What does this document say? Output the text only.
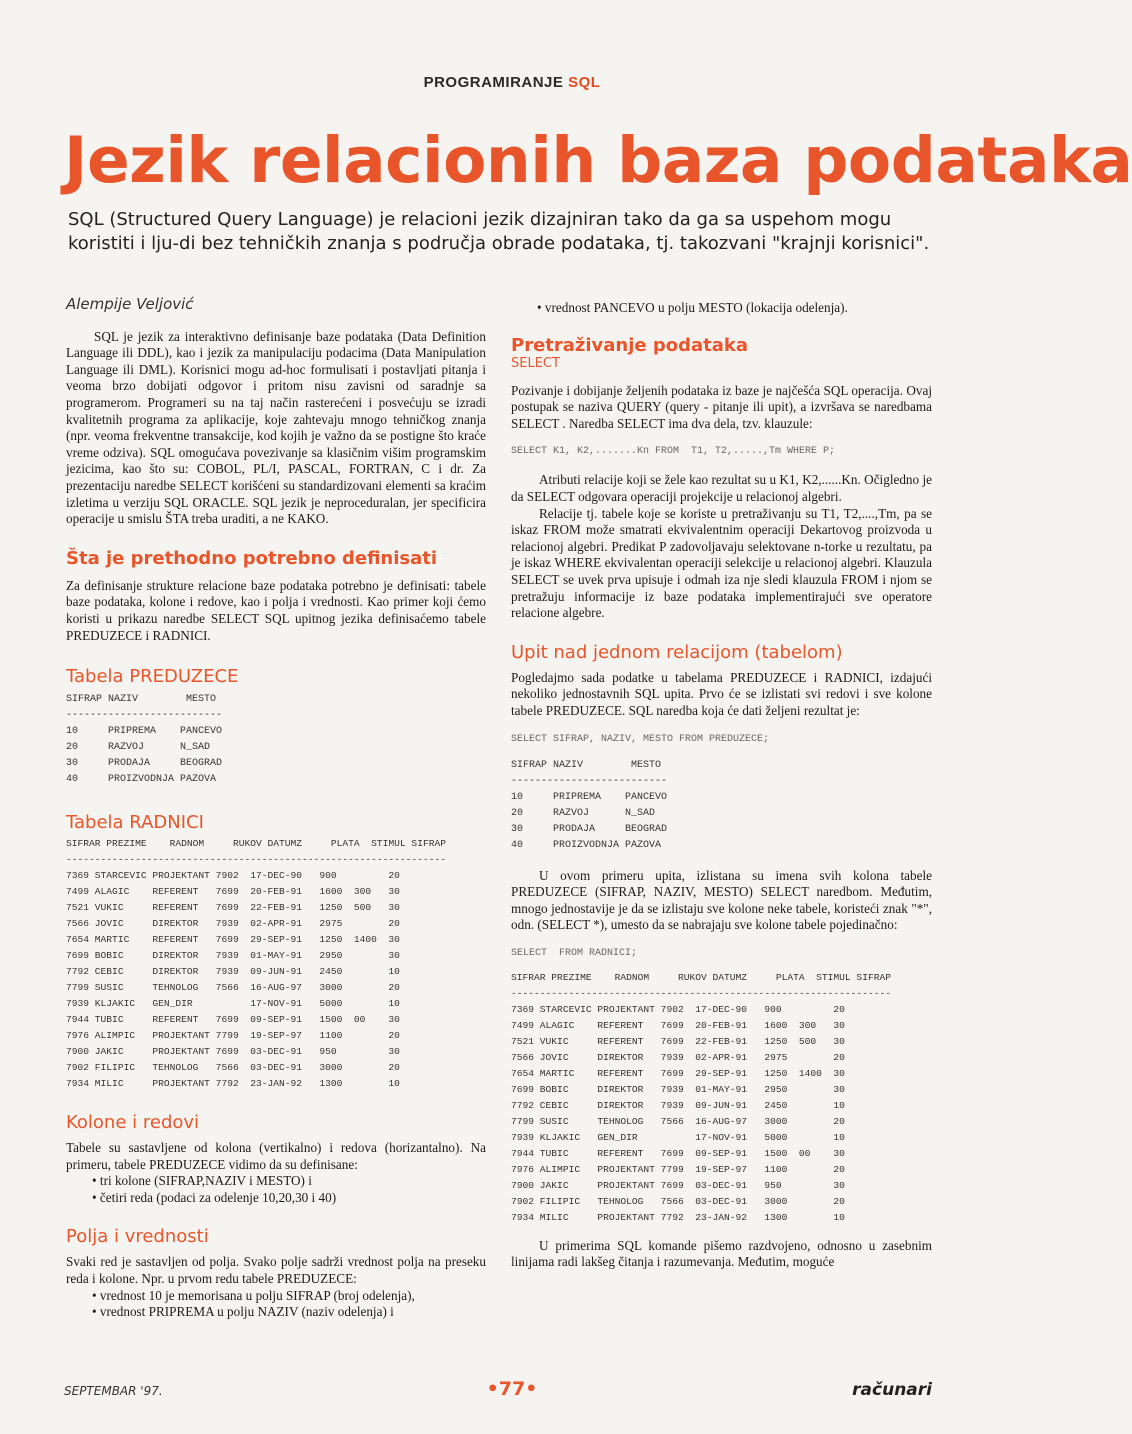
PROGRAMIRANJE SQL
Jezik relacionih baza podataka
SQL (Structured Query Language) je relacioni jezik dizajniran tako da ga sa uspehom mogu koristiti i lju-di bez tehničkih znanja s područja obrade podataka, tj. takozvani "krajnji korisnici".
Alempije Veljović

SQL je jezik za interaktivno definisanje baze podataka (Data Definition Language ili DDL), kao i jezik za manipulaciju podacima (Data Manipulation Language ili DML). Korisnici mogu ad-hoc formulisati i postavljati pitanja i veoma brzo dobijati odgovor i pritom nisu zavisni od saradnje sa programerom. Programeri su na taj način rasterećeni i posvećuju se izradi kvalitetnih programa za aplikacije, koje zahtevaju mnogo tehničkog znanja (npr. veoma frekventne transakcije, kod kojih je važno da se postigne što kraće vreme odziva). SQL omogućava povezivanje sa klasičnim višim programskim jezicima, kao što su: COBOL, PL/I, PASCAL, FORTRAN, C i dr. Za prezentaciju naredbe SELECT korišćeni su standardizovani elementi sa kraćim izletima u verziju SQL ORACLE. SQL jezik je neproceduralan, jer specificira operacije u smislu ŠTA treba uraditi, a ne KAKO.

Šta je prethodno potrebno definisati

Za definisanje strukture relacione baze podataka potrebno je definisati: tabele baze podataka, kolone i redove, kao i polja i vrednosti. Kao primer koji ćemo koristi u prikazu naredbe SELECT SQL upitnog jezika definisaćemo tabele PREDUZECE i RADNICI.

Tabela PREDUZECE
SIFRAP NAZIV        MESTO
--------------------------
10     PRIPREMA    PANCEVO
20     RAZVOJ      N_SAD
30     PRODAJA     BEOGRAD
40     PROIZVODNJA PAZOVA
Tabela RADNICI
SIFRAR PREZIME    RADNOM     RUKOV DATUMZ     PLATA  STIMUL SIFRAP
------------------------------------------------------------------
7369 STARCEVIC PROJEKTANT 7902  17-DEC-90   900         20
7499 ALAGIC    REFERENT   7699  20-FEB-91   1600  300   30
7521 VUKIC     REFERENT   7699  22-FEB-91   1250  500   30
7566 JOVIC     DIREKTOR   7939  02-APR-91   2975        20
7654 MARTIC    REFERENT   7699  29-SEP-91   1250  1400  30
7699 BOBIC     DIREKTOR   7939  01-MAY-91   2950        30
7792 CEBIC     DIREKTOR   7939  09-JUN-91   2450        10
7799 SUSIC     TEHNOLOG   7566  16-AUG-97   3000        20
7939 KLJAKIC   GEN_DIR          17-NOV-91   5000        10
7944 TUBIC     REFERENT   7699  09-SEP-91   1500  00    30
7976 ALIMPIC   PROJEKTANT 7799  19-SEP-97   1100        20
7900 JAKIC     PROJEKTANT 7699  03-DEC-91   950         30
7902 FILIPIC   TEHNOLOG   7566  03-DEC-91   3000        20
7934 MILIC     PROJEKTANT 7792  23-JAN-92   1300        10
Kolone i redovi

Tabele su sastavljene od kolona (vertikalno) i redova (horizantalno). Na primeru, tabele PREDUZECE vidimo da su definisane:

• tri kolone (SIFRAP,NAZIV i MESTO) i
• četiri reda (podaci za odelenje 10,20,30 i 40)
Polja i vrednosti

Svaki red je sastavljen od polja. Svako polje sadrži vrednost polja na preseku reda i kolone. Npr. u prvom redu tabele PREDUZECE:

• vrednost 10 je memorisana u polju SIFRAP (broj odelenja),
• vrednost PRIPREMA u polju NAZIV (naziv odelenja) i
• vrednost PANCEVO u polju MESTO (lokacija odelenja).
Pretraživanje podataka
SELECT

Pozivanje i dobijanje željenih podataka iz baze je najčešća SQL operacija. Ovaj postupak se naziva QUERY (query - pitanje ili upit), a izvršava se naredbama SELECT . Naredba SELECT ima dva dela, tzv. klauzule:

SELECT K1, K2,.......Kn FROM  T1, T2,.....,Tm WHERE P;

Atributi relacije koji se žele kao rezultat su u K1, K2,......Kn. Očigledno je da SELECT odgovara operaciji projekcije u relacionoj algebri.

Relacije tj. tabele koje se koriste u pretraživanju su T1, T2,....,Tm, pa se iskaz FROM može smatrati ekvivalentnim operaciji Dekartovog proizvoda u relacionoj algebri. Predikat P zadovoljavaju selektovane n-torke u rezultatu, pa je iskaz WHERE ekvivalentan operaciji selekcije u relacionoj algebri. Klauzula SELECT se uvek prva upisuje i odmah iza nje sledi klauzula FROM i njom se pretražuju informacije iz baze podataka implementirajući sve operatore relacione algebre.

Upit nad jednom relacijom (tabelom)

Pogledajmo sada podatke u tabelama PREDUZECE i RADNICI, izdajući nekoliko jednostavnih SQL upita. Prvo će se izlistati svi redovi i sve kolone tabele PREDUZECE. SQL naredba koja će dati željeni rezultat je:

SELECT SIFRAP, NAZIV, MESTO FROM PREDUZECE;
SIFRAP NAZIV        MESTO
--------------------------
10     PRIPREMA    PANCEVO
20     RAZVOJ      N_SAD
30     PRODAJA     BEOGRAD
40     PROIZVODNJA PAZOVA

U ovom primeru upita, izlistana su imena svih kolona tabele PREDUZECE (SIFRAP, NAZIV, MESTO) SELECT naredbom. Međutim, mnogo jednostavije je da se izlistaju sve kolone neke tabele, koristeći znak "*", odn. (SELECT *), umesto da se nabrajaju sve kolone tabele pojedinačno:

SELECT  FROM RADNICI;
SIFRAR PREZIME    RADNOM     RUKOV DATUMZ     PLATA  STIMUL SIFRAP
------------------------------------------------------------------
7369 STARCEVIC PROJEKTANT 7902  17-DEC-90   900         20
7499 ALAGIC    REFERENT   7699  20-FEB-91   1600  300   30
7521 VUKIC     REFERENT   7699  22-FEB-91   1250  500   30
7566 JOVIC     DIREKTOR   7939  02-APR-91   2975        20
7654 MARTIC    REFERENT   7699  29-SEP-91   1250  1400  30
7699 BOBIC     DIREKTOR   7939  01-MAY-91   2950        30
7792 CEBIC     DIREKTOR   7939  09-JUN-91   2450        10
7799 SUSIC     TEHNOLOG   7566  16-AUG-97   3000        20
7939 KLJAKIC   GEN_DIR          17-NOV-91   5000        10
7944 TUBIC     REFERENT   7699  09-SEP-91   1500  00    30
7976 ALIMPIC   PROJEKTANT 7799  19-SEP-97   1100        20
7900 JAKIC     PROJEKTANT 7699  03-DEC-91   950         30
7902 FILIPIC   TEHNOLOG   7566  03-DEC-91   3000        20
7934 MILIC     PROJEKTANT 7792  23-JAN-92   1300        10

U primerima SQL komande pišemo razdvojeno, odnosno u zasebnim linijama radi lakšeg čitanja i razumevanja. Međutim, moguće

SEPTEMBAR '97.	•77•	računari
